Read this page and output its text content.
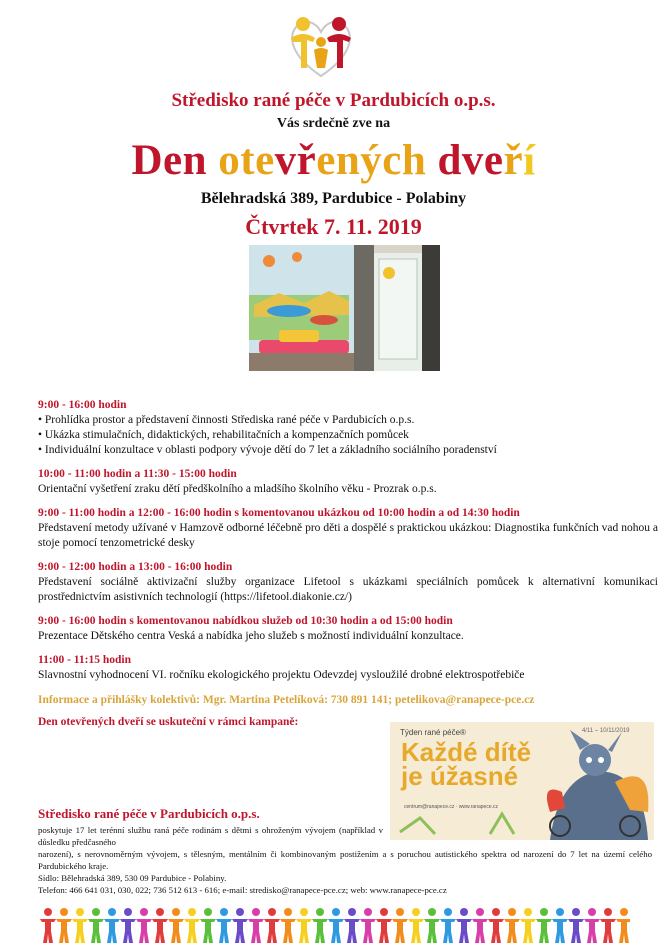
Středisko rané péče v Pardubicích o.p.s.
Vás srdečně zve na
Den otevřených dveří
Bělehradská 389, Pardubice - Polabiny
Čtvrtek 7. 11. 2019
9:00 - 16:00 hodin
• Prohlídka prostor a představení činnosti Střediska rané péče v Pardubicích o.p.s.
• Ukázka stimulačních, didaktických, rehabilitačních a kompenzačních pomůcek
• Individuální konzultace v oblasti podpory vývoje dětí do 7 let a základního sociálního poradenství
10:00 - 11:00 hodin a 11:30 - 15:00 hodin
Orientační vyšetření zraku dětí předškolního a mladšího školního věku - Prozrak o.p.s.
9:00 - 11:00 hodin a 12:00 - 16:00 hodin s komentovanou ukázkou od 10:00 hodin a od 14:30 hodin
Představení metody užívané v Hamzově odborné léčebně pro děti a dospělé s praktickou ukázkou: Diagnostika funkčních vad nohou a stoje pomocí tenzometrické desky
9:00 - 12:00 hodin a 13:00 - 16:00 hodin
Představení sociálně aktivizační služby organizace Lifetool s ukázkami speciálních pomůcek k alternativní komunikaci prostřednictvím asistivních technologií (https://lifetool.diakonie.cz/)
9:00 - 16:00 hodin s komentovanou nabídkou služeb od 10:30 hodin a od 15:00 hodin
Prezentace Dětského centra Veská a nabídka jeho služeb s možností individuální konzultace.
11:00 - 11:15 hodin
Slavnostní vyhodnocení VI. ročníku ekologického projektu Odevzdej vysloužilé drobné elektrospotřebiče
Informace a přihlášky kolektivů: Mgr. Martina Petelíková: 730 891 141; petelikova@ranapece-pce.cz
Den otevřených dveří se uskuteční v rámci kampaně:
Týden rané péče®	4/11 – 10/11/2019
Každé dítě je úžasné
centrum@ranapece.cz · www.ranapece.cz
Středisko rané péče v Pardubicích o.p.s.
poskytuje 17 let terénní službu raná péče rodinám s dětmi s ohroženým vývojem (například v důsledku předčasného
narození), s nerovnoměrným vývojem, s tělesným, mentálním či kombinovaným postižením a s poruchou autistického spektra od narození do 7 let na území celého Pardubického kraje.
Sídlo: Bělehradská 389, 530 09 Pardubice - Polabiny.
Telefon: 466 641 031, 030, 022; 736 512 613 - 616; e-mail: stredisko@ranapece-pce.cz; web: www.ranapece-pce.cz
